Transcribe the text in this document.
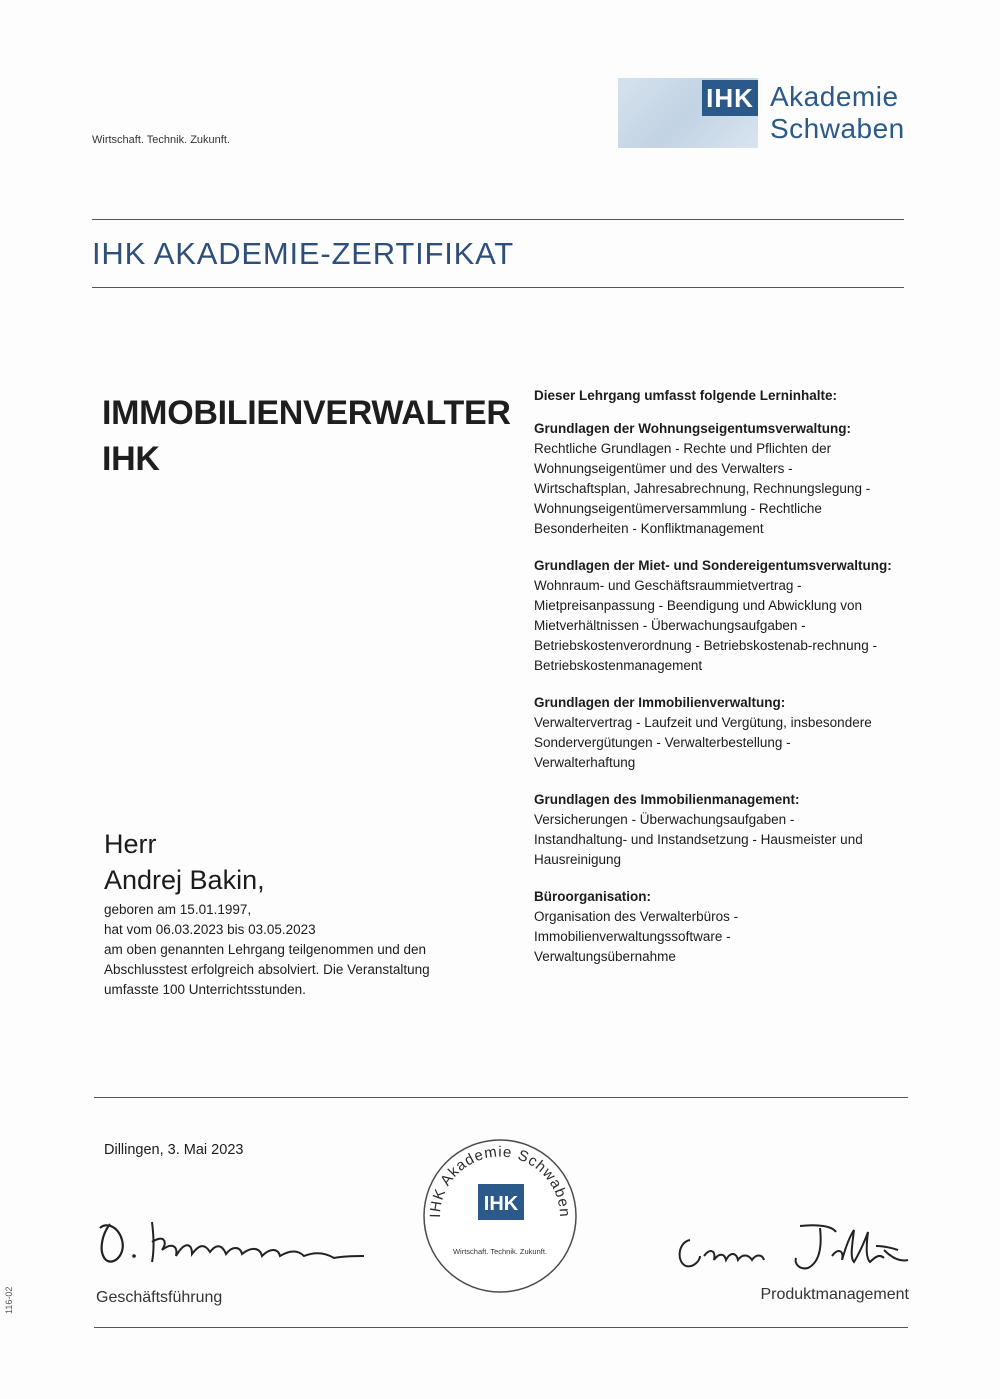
Wirtschaft. Technik. Zukunft.
IHK Akademie
Schwaben
IHK AKADEMIE-ZERTIFIKAT
IMMOBILIENVERWALTER
IHK
Dieser Lehrgang umfasst folgende Lerninhalte:
Grundlagen der Wohnungseigentumsverwaltung:
Rechtliche Grundlagen - Rechte und Pflichten der
Wohnungseigentümer und des Verwalters -
Wirtschaftsplan, Jahresabrechnung, Rechnungslegung -
Wohnungseigentümerversammlung - Rechtliche
Besonderheiten - Konfliktmanagement
Grundlagen der Miet- und Sondereigentumsverwaltung:
Wohnraum- und Geschäftsraummietvertrag -
Mietpreisanpassung - Beendigung und Abwicklung von
Mietverhältnissen - Überwachungsaufgaben -
Betriebskostenverordnung - Betriebskostenab-rechnung -
Betriebskostenmanagement
Grundlagen der Immobilienverwaltung:
Verwaltervertrag - Laufzeit und Vergütung, insbesondere
Sondervergütungen - Verwalterbestellung -
Verwalterhaftung
Grundlagen des Immobilienmanagement:
Versicherungen - Überwachungsaufgaben -
Instandhaltung- und Instandsetzung - Hausmeister und
Hausreinigung
Büroorganisation:
Organisation des Verwalterbüros -
Immobilienverwaltungssoftware -
Verwaltungsübernahme
Herr
Andrej Bakin,
geboren am 15.01.1997,
hat vom 06.03.2023 bis 03.05.2023
am oben genannten Lehrgang teilgenommen und den
Abschlusstest erfolgreich absolviert. Die Veranstaltung
umfasste 100 Unterrichtsstunden.
Dillingen, 3. Mai 2023
Geschäftsführung	Produktmanagement
IHK Akademie Schwaben
IHK
Wirtschaft. Technik. Zukunft.
116-02
